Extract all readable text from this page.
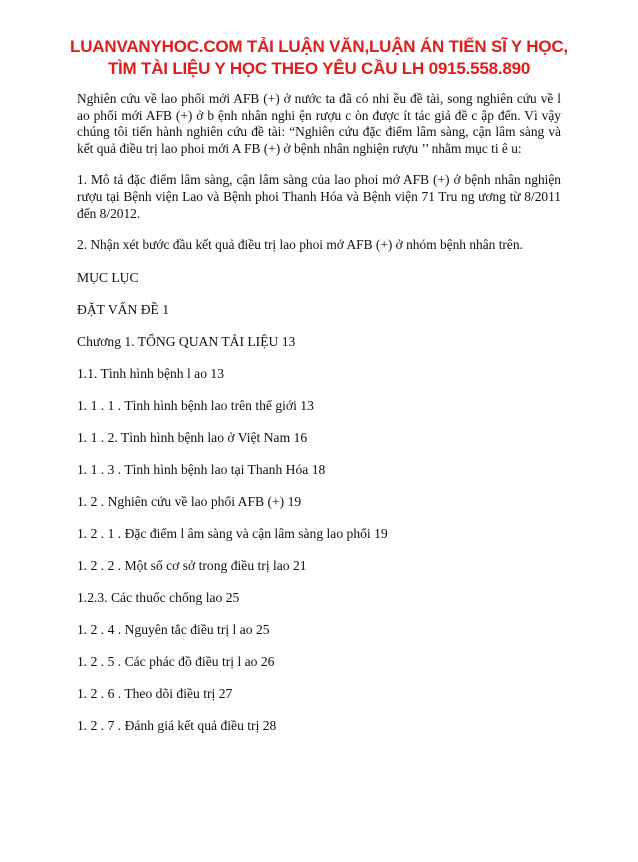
LUANVANYHOC.COM TẢI LUẬN VĂN,LUẬN ÁN TIẾN SĨ Y HỌC,
TÌM TÀI LIỆU Y HỌC THEO YÊU CẦU LH 0915.558.890
Nghiên cứu về lao phổi mới AFB (+) ở nước ta đã có nhi ều đề tài, song nghiên cứu về l ao phổi mới AFB (+) ở b ệnh nhân nghi ện rượu c òn được ít tác giả đề c ập đến. Vì vậy chúng tôi tiến hành nghiên cứu đề tài: “Nghiên cứu đặc điểm lâm sàng, cận lâm sàng và kết quả điều trị lao phoi mới A FB (+) ở bệnh nhân nghiện rượu ’’ nhằm mục ti ê u:
1. Mô tả đặc điểm lâm sàng, cận lâm sàng của lao phoi mớ AFB (+) ở bệnh nhân nghiện rượu tại Bệnh viện Lao và Bệnh phoi Thanh Hóa và Bệnh viện 71 Tru ng ương từ 8/2011 đến 8/2012.
2. Nhận xét bước đầu kết quả điều trị lao phoi mớ AFB (+) ở nhóm bệnh nhân trên.
MỤC LỤC
ĐẶT VẤN ĐỀ 1
Chương 1. TỔNG QUAN TẢI LIỆU 13
1.1. Tình hình bệnh l ao 13
1. 1 . 1 . Tình hình bệnh lao trên thế giới 13
1. 1 . 2. Tình hình bệnh lao ở Việt Nam 16
1. 1 . 3 . Tình hình bệnh lao tại Thanh Hóa 18
1. 2 . Nghiên cứu về lao phổi AFB (+) 19
1. 2 . 1 . Đặc điểm l âm sàng và cận lâm sàng lao phổi 19
1. 2 . 2 . Một số cơ sở trong điều trị lao 21
1.2.3. Các thuốc chống lao 25
1. 2 . 4 . Nguyên tắc điều trị l ao 25
1. 2 . 5 . Các phác đồ điều trị l ao 26
1. 2 . 6 . Theo dõi điều trị 27
1. 2 . 7 . Đánh giá kết quả điều trị 28
